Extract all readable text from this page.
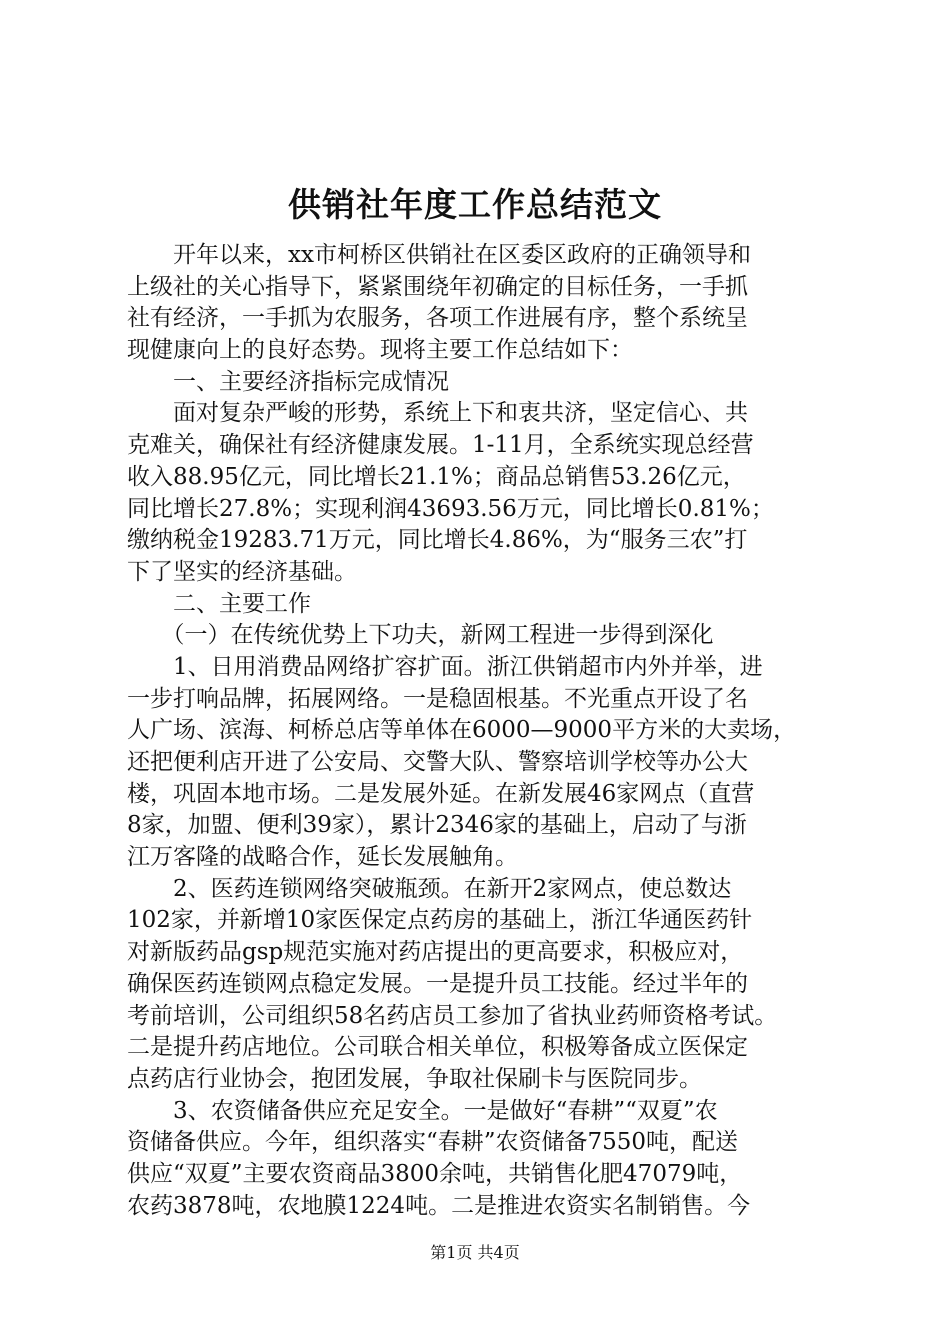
供销社年度工作总结范文

　　开年以来，xx市柯桥区供销社在区委区政府的正确领导和

上级社的关心指导下，紧紧围绕年初确定的目标任务，一手抓

社有经济，一手抓为农服务，各项工作进展有序，整个系统呈

现健康向上的良好态势。现将主要工作总结如下：

　　一、主要经济指标完成情况

　　面对复杂严峻的形势，系统上下和衷共济，坚定信心、共

克难关，确保社有经济健康发展。1-11月，全系统实现总经营

收入88.95亿元，同比增长21.1%；商品总销售53.26亿元，

同比增长27.8%；实现利润43693.56万元，同比增长0.81%；

缴纳税金19283.71万元，同比增长4.86%，为“服务三农”打

下了坚实的经济基础。

　　二、主要工作

　　（一）在传统优势上下功夫，新网工程进一步得到深化

　　1、日用消费品网络扩容扩面。浙江供销超市内外并举，进

一步打响品牌，拓展网络。一是稳固根基。不光重点开设了名

人广场、滨海、柯桥总店等单体在6000—9000平方米的大卖场，

还把便利店开进了公安局、交警大队、警察培训学校等办公大

楼，巩固本地市场。二是发展外延。在新发展46家网点（直营

8家，加盟、便利39家），累计2346家的基础上，启动了与浙

江万客隆的战略合作，延长发展触角。

　　2、医药连锁网络突破瓶颈。在新开2家网点，使总数达

102家，并新增10家医保定点药房的基础上，浙江华通医药针

对新版药品gsp规范实施对药店提出的更高要求，积极应对，

确保医药连锁网点稳定发展。一是提升员工技能。经过半年的

考前培训，公司组织58名药店员工参加了省执业药师资格考试。

二是提升药店地位。公司联合相关单位，积极筹备成立医保定

点药店行业协会，抱团发展，争取社保刷卡与医院同步。

　　3、农资储备供应充足安全。一是做好“春耕”“双夏”农

资储备供应。今年，组织落实“春耕”农资储备7550吨，配送

供应“双夏”主要农资商品3800余吨，共销售化肥47079吨，

农药3878吨，农地膜1224吨。二是推进农资实名制销售。今

第1页 共4页
